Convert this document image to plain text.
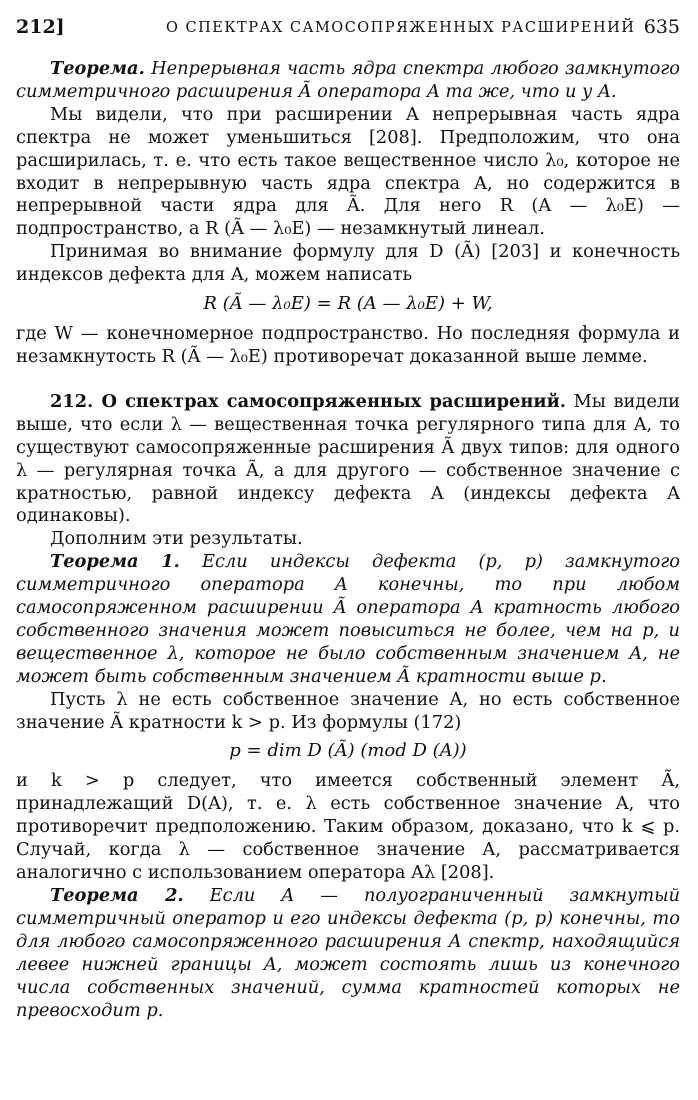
212]	О СПЕКТРАХ САМОСОПРЯЖЕННЫХ РАСШИРЕНИЙ 635

Теорема. Непрерывная часть ядра спектра любого замкнутого симметричного расширения Ã оператора A та же, что и у A.

Мы видели, что при расширении A непрерывная часть ядра спектра не может уменьшиться [208]. Предположим, что она расширилась, т. е. что есть такое вещественное число λ₀, которое не входит в непрерывную часть ядра спектра A, но содержится в непрерывной части ядра для Ã. Для него R (A — λ₀E) — подпространство, а R (Ã — λ₀E) — незамкнутый линеал.

Принимая во внимание формулу для D (Ã) [203] и конечность индексов дефекта для A, можем написать

R (Ã — λ₀E) = R (A — λ₀E) + W,

где W — конечномерное подпространство. Но последняя формула и незамкнутость R (Ã — λ₀E) противоречат доказанной выше лемме.

212. О спектрах самосопряженных расширений. Мы видели выше, что если λ — вещественная точка регулярного типа для A, то существуют самосопряженные расширения Ã двух типов: для одного λ — регулярная точка Ã, а для другого — собственное значение с кратностью, равной индексу дефекта A (индексы дефекта A одинаковы).

Дополним эти результаты.

Теорема 1. Если индексы дефекта (p, p) замкнутого симметричного оператора A конечны, то при любом самосопряженном расширении Ã оператора A кратность любого собственного значения может повыситься не более, чем на p, и вещественное λ, которое не было собственным значением A, не может быть собственным значением Ã кратности выше p.

Пусть λ не есть собственное значение A, но есть собственное значение Ã кратности k > p. Из формулы (172)

p = dim D (Ã) (mod D (A))

и k > p следует, что имеется собственный элемент Ã, принадлежащий D(A), т. е. λ есть собственное значение A, что противоречит предположению. Таким образом, доказано, что k ⩽ p. Случай, когда λ — собственное значение A, рассматривается аналогично с использованием оператора Aλ [208].

Теорема 2. Если A — полуограниченный замкнутый симметричный оператор и его индексы дефекта (p, p) конечны, то для любого самосопряженного расширения A спектр, находящийся левее нижней границы A, может состоять лишь из конечного числа собственных значений, сумма кратностей которых не превосходит p.
